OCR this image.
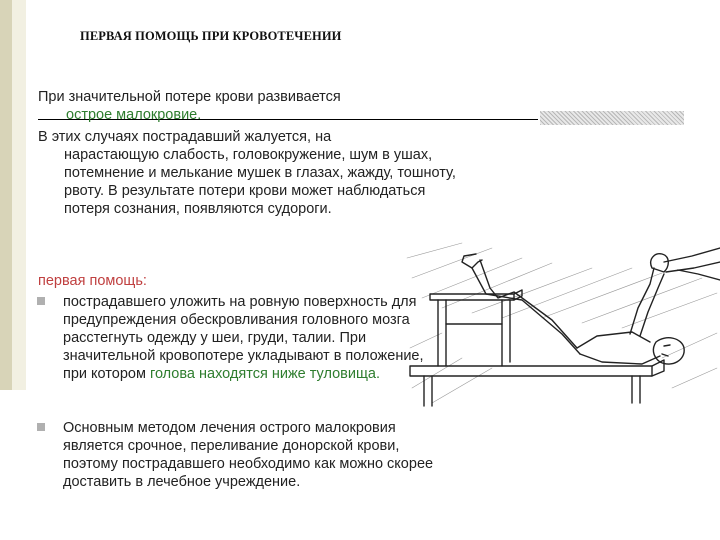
ПЕРВАЯ ПОМОЩЬ ПРИ КРОВОТЕЧЕНИИ

При значительной потере крови развивается
острое малокровие.

В этих случаях пострадавший жалуется, на
нарастающую слабость, головокружение, шум в ушах, потемнение и мелькание мушек в глазах, жажду, тошноту, рвоту. В результате потери крови может наблюдаться потеря сознания, появляются судороги.

первая помощь:

пострадавшего уложить на ровную поверхность для предупреждения обескровливания головного мозга расстегнуть одежду у шеи, груди, талии. При значительной кровопотере укладывают в положение, при котором голова находятся ниже туловища.

Основным методом лечения острого малокровия является срочное, переливание донорской крови, поэтому пострадавшего необходимо как можно скорее доставить в лечебное учреждение.
